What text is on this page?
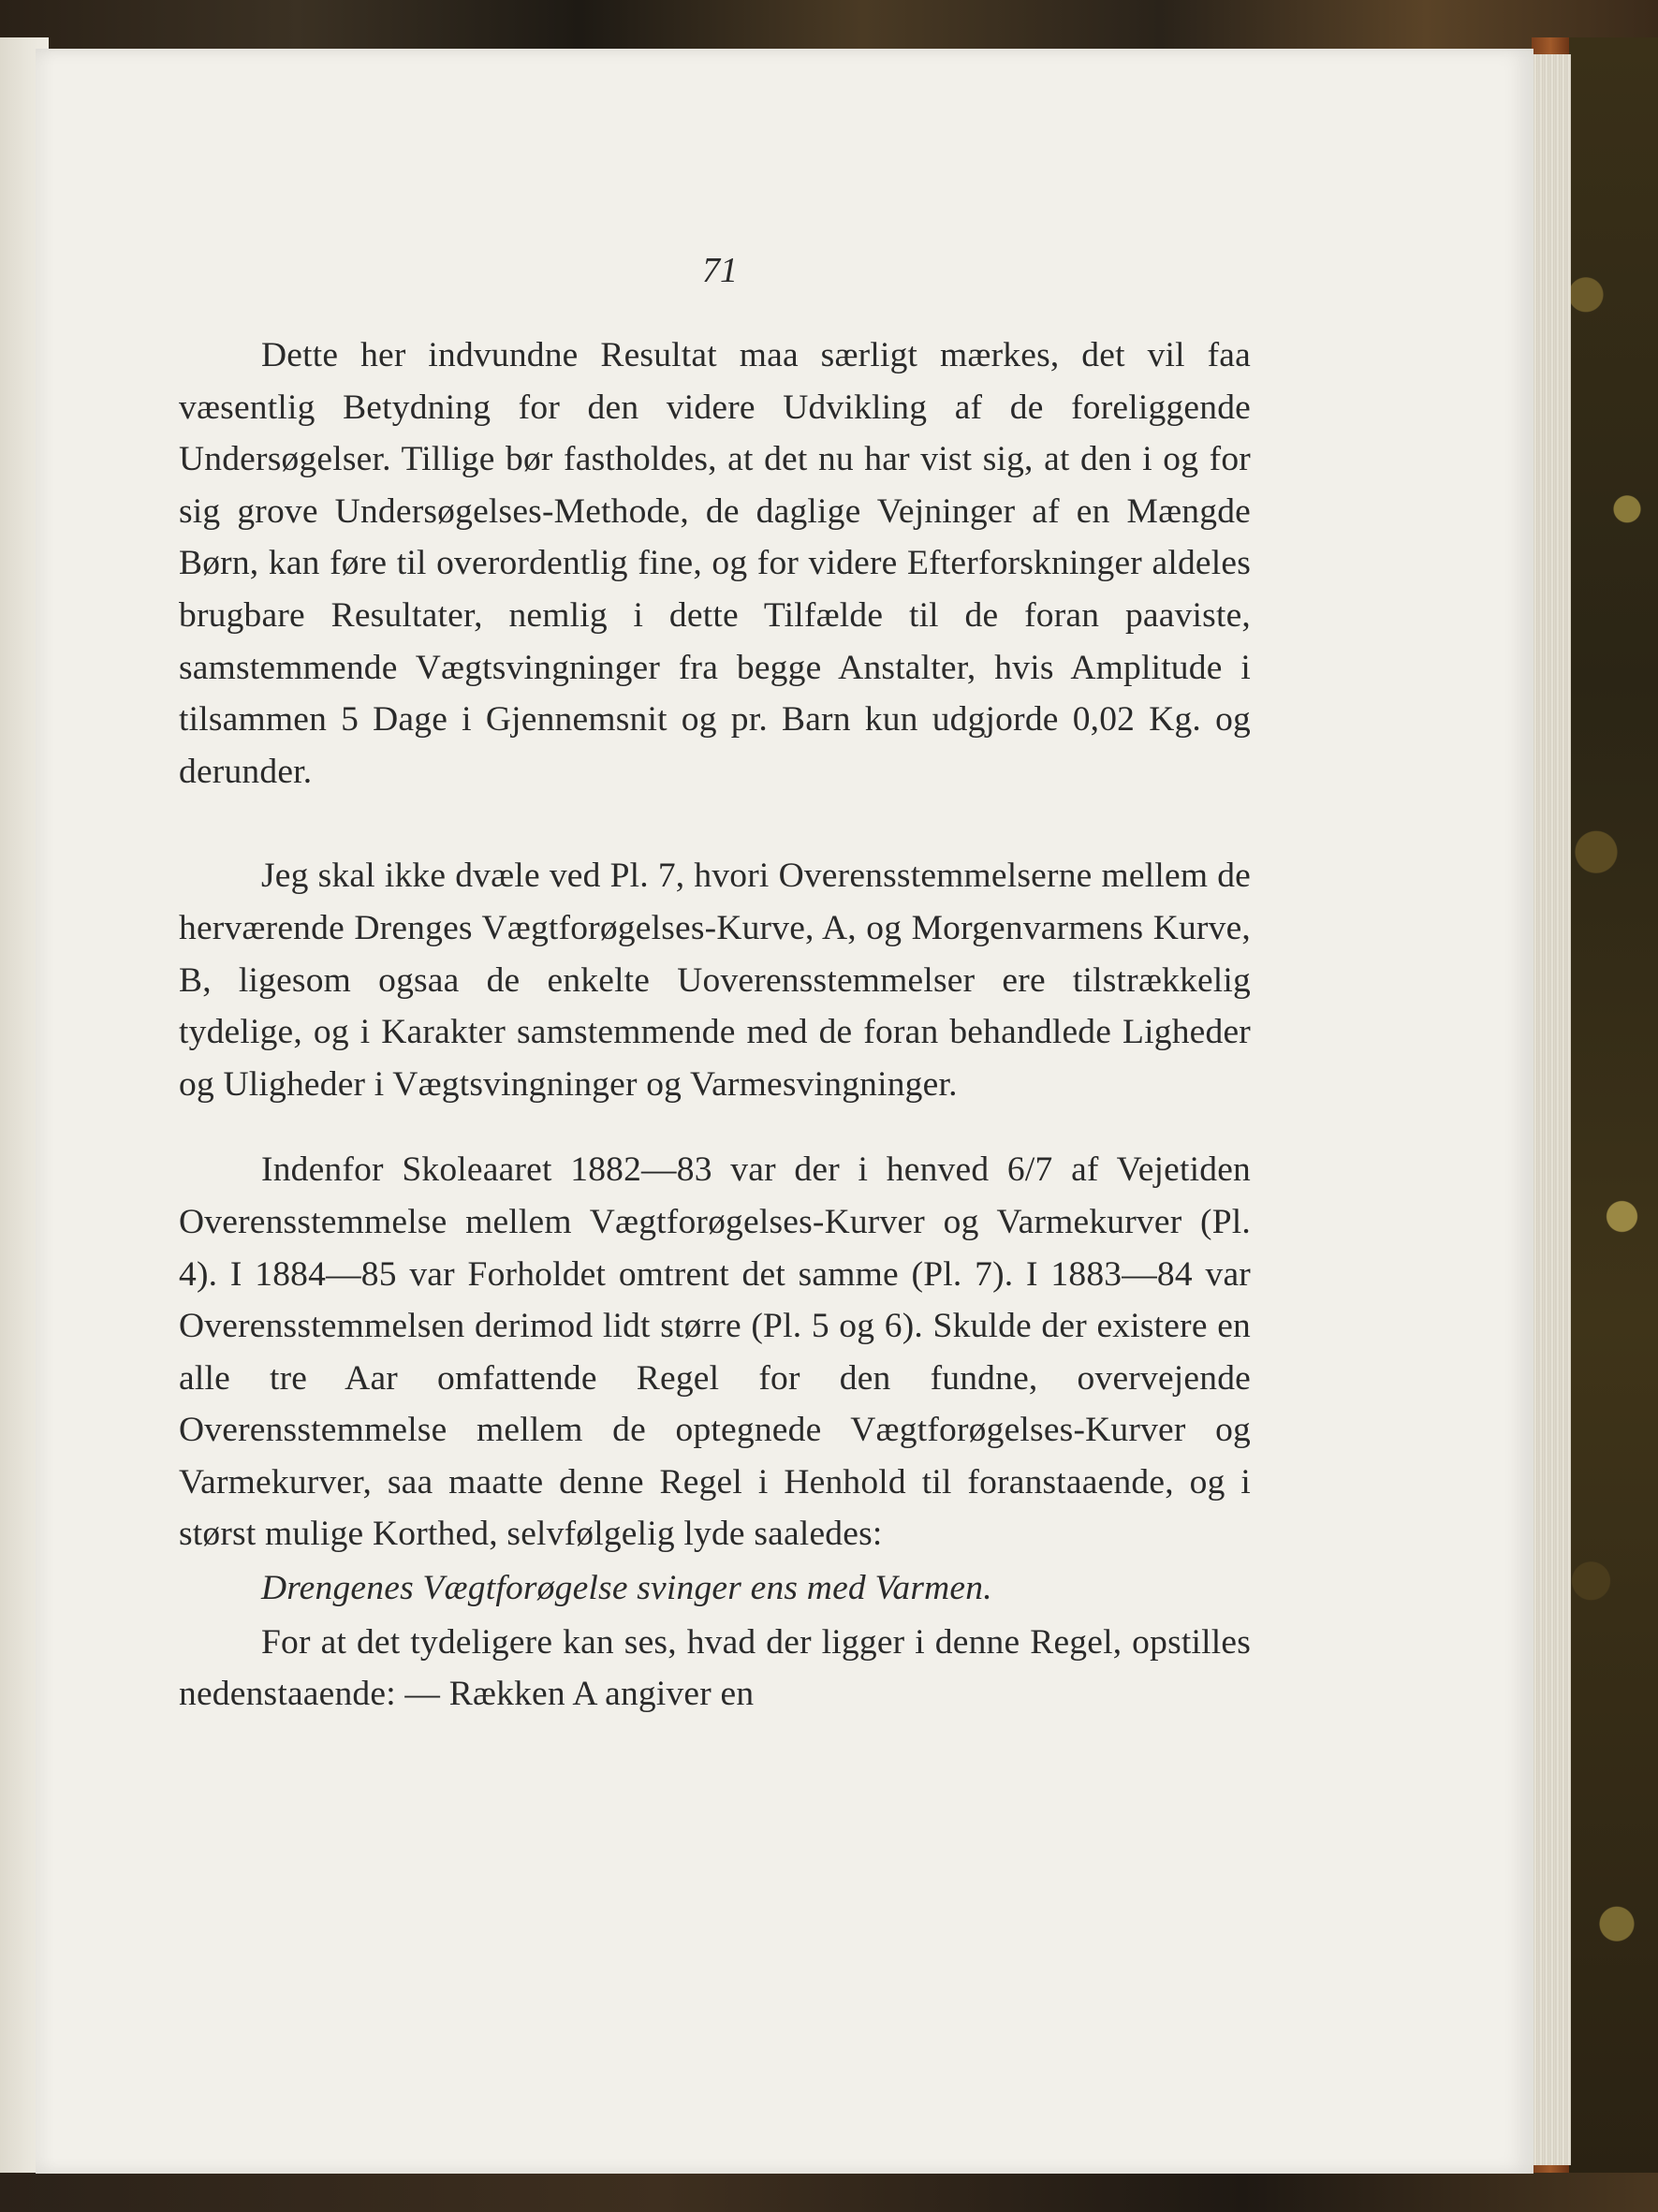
71

Dette her indvundne Resultat maa særligt mærkes, det vil faa væsentlig Betydning for den videre Udvikling af de foreliggende Undersøgelser. Tillige bør fastholdes, at det nu har vist sig, at den i og for sig grove Undersøgelses-Methode, de daglige Vejninger af en Mængde Børn, kan føre til overordentlig fine, og for videre Efterforskninger aldeles brugbare Resultater, nemlig i dette Tilfælde til de foran paaviste, samstemmende Vægtsvingninger fra begge Anstalter, hvis Amplitude i tilsammen 5 Dage i Gjennemsnit og pr. Barn kun udgjorde 0,02 Kg. og derunder.

Jeg skal ikke dvæle ved Pl. 7, hvori Overensstemmelserne mellem de herværende Drenges Vægtforøgelses-Kurve, A, og Morgenvarmens Kurve, B, ligesom ogsaa de enkelte Uoverensstemmelser ere tilstrækkelig tydelige, og i Karakter samstemmende med de foran behandlede Ligheder og Uligheder i Vægtsvingninger og Varmesvingninger.

Indenfor Skoleaaret 1882—83 var der i henved 6/7 af Vejetiden Overensstemmelse mellem Vægtforøgelses-Kurver og Varmekurver (Pl. 4). I 1884—85 var Forholdet omtrent det samme (Pl. 7). I 1883—84 var Overensstemmelsen derimod lidt større (Pl. 5 og 6). Skulde der existere en alle tre Aar omfattende Regel for den fundne, overvejende Overensstemmelse mellem de optegnede Vægtforøgelses-Kurver og Varmekurver, saa maatte denne Regel i Henhold til foranstaaende, og i størst mulige Korthed, selvfølgelig lyde saaledes:

Drengenes Vægtforøgelse svinger ens med Varmen.

For at det tydeligere kan ses, hvad der ligger i denne Regel, opstilles nedenstaaende: — Rækken A angiver en
